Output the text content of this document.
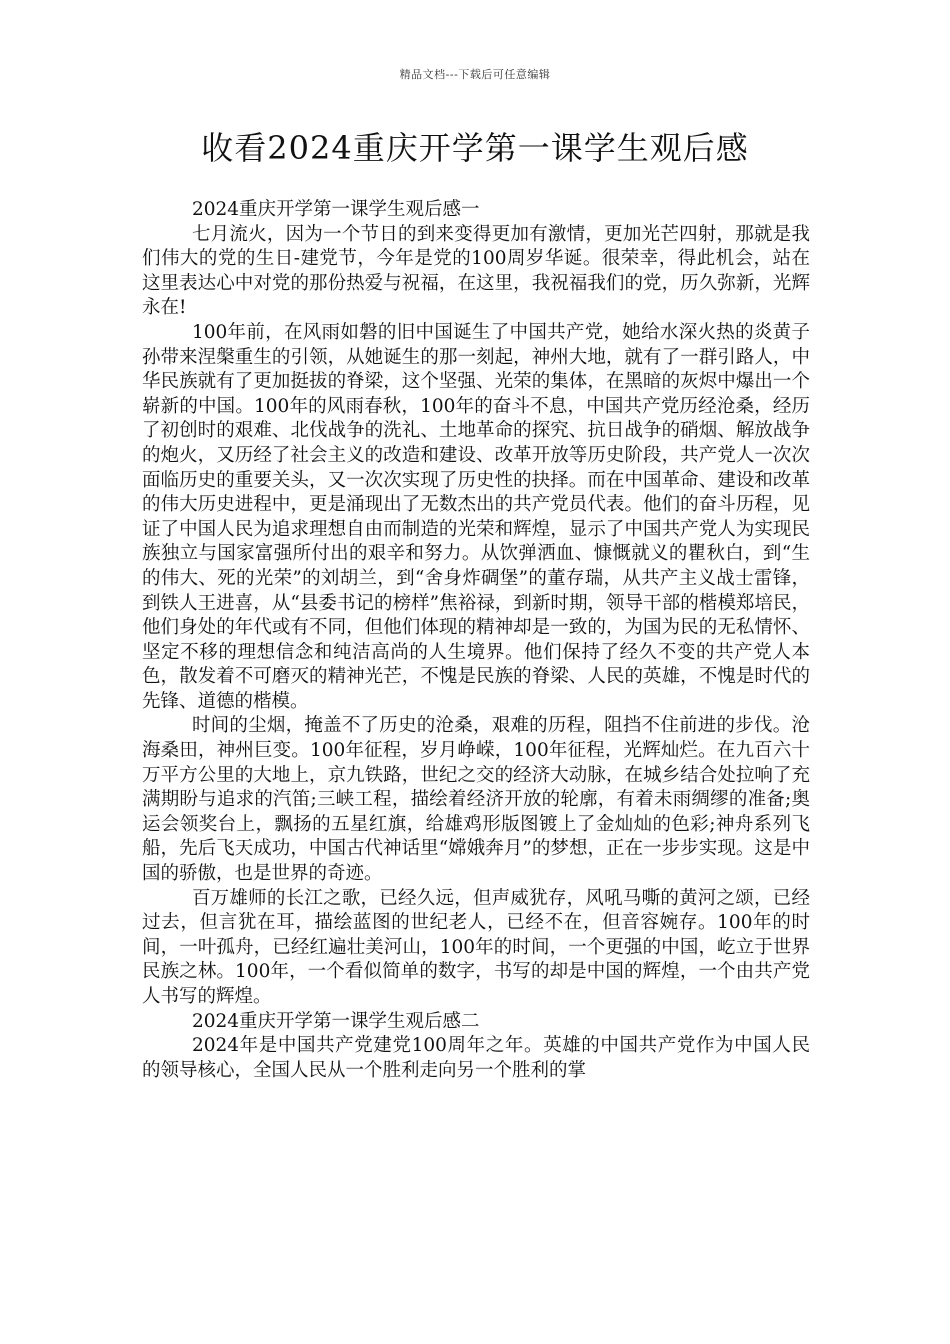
精品文档---下载后可任意编辑
收看2024重庆开学第一课学生观后感

2024重庆开学第一课学生观后感一

七月流火，因为一个节日的到来变得更加有激情，更加光芒四射，那就是我们伟大的党的生日-建党节，今年是党的100周岁华诞。很荣幸，得此机会，站在这里表达心中对党的那份热爱与祝福，在这里，我祝福我们的党，历久弥新，光辉永在!

100年前，在风雨如磐的旧中国诞生了中国共产党，她给水深火热的炎黄子孙带来涅槃重生的引领，从她诞生的那一刻起，神州大地，就有了一群引路人，中华民族就有了更加挺拔的脊梁，这个坚强、光荣的集体，在黑暗的灰烬中爆出一个崭新的中国。100年的风雨春秋，100年的奋斗不息，中国共产党历经沧桑，经历了初创时的艰难、北伐战争的洗礼、土地革命的探究、抗日战争的硝烟、解放战争的炮火，又历经了社会主义的改造和建设、改革开放等历史阶段，共产党人一次次面临历史的重要关头，又一次次实现了历史性的抉择。而在中国革命、建设和改革的伟大历史进程中，更是涌现出了无数杰出的共产党员代表。他们的奋斗历程，见证了中国人民为追求理想自由而制造的光荣和辉煌，显示了中国共产党人为实现民族独立与国家富强所付出的艰辛和努力。从饮弹洒血、慷慨就义的瞿秋白，到“生的伟大、死的光荣”的刘胡兰，到“舍身炸碉堡”的董存瑞，从共产主义战士雷锋，到铁人王进喜，从“县委书记的榜样”焦裕禄，到新时期，领导干部的楷模郑培民，他们身处的年代或有不同，但他们体现的精神却是一致的，为国为民的无私情怀、坚定不移的理想信念和纯洁高尚的人生境界。他们保持了经久不变的共产党人本色，散发着不可磨灭的精神光芒，不愧是民族的脊梁、人民的英雄，不愧是时代的先锋、道德的楷模。

时间的尘烟，掩盖不了历史的沧桑，艰难的历程，阻挡不住前进的步伐。沧海桑田，神州巨变。100年征程，岁月峥嵘，100年征程，光辉灿烂。在九百六十万平方公里的大地上，京九铁路，世纪之交的经济大动脉，在城乡结合处拉响了充满期盼与追求的汽笛;三峡工程，描绘着经济开放的轮廓，有着未雨绸缪的准备;奥运会领奖台上，飘扬的五星红旗，给雄鸡形版图镀上了金灿灿的色彩;神舟系列飞船，先后飞天成功，中国古代神话里“嫦娥奔月”的梦想，正在一步步实现。这是中国的骄傲，也是世界的奇迹。

百万雄师的长江之歌，已经久远，但声威犹存，风吼马嘶的黄河之颂，已经过去，但言犹在耳，描绘蓝图的世纪老人，已经不在，但音容婉存。100年的时间，一叶孤舟，已经红遍壮美河山，100年的时间，一个更强的中国，屹立于世界民族之林。100年，一个看似简单的数字，书写的却是中国的辉煌，一个由共产党人书写的辉煌。

2024重庆开学第一课学生观后感二

2024年是中国共产党建党100周年之年。英雄的中国共产党作为中国人民的领导核心，全国人民从一个胜利走向另一个胜利的掌
